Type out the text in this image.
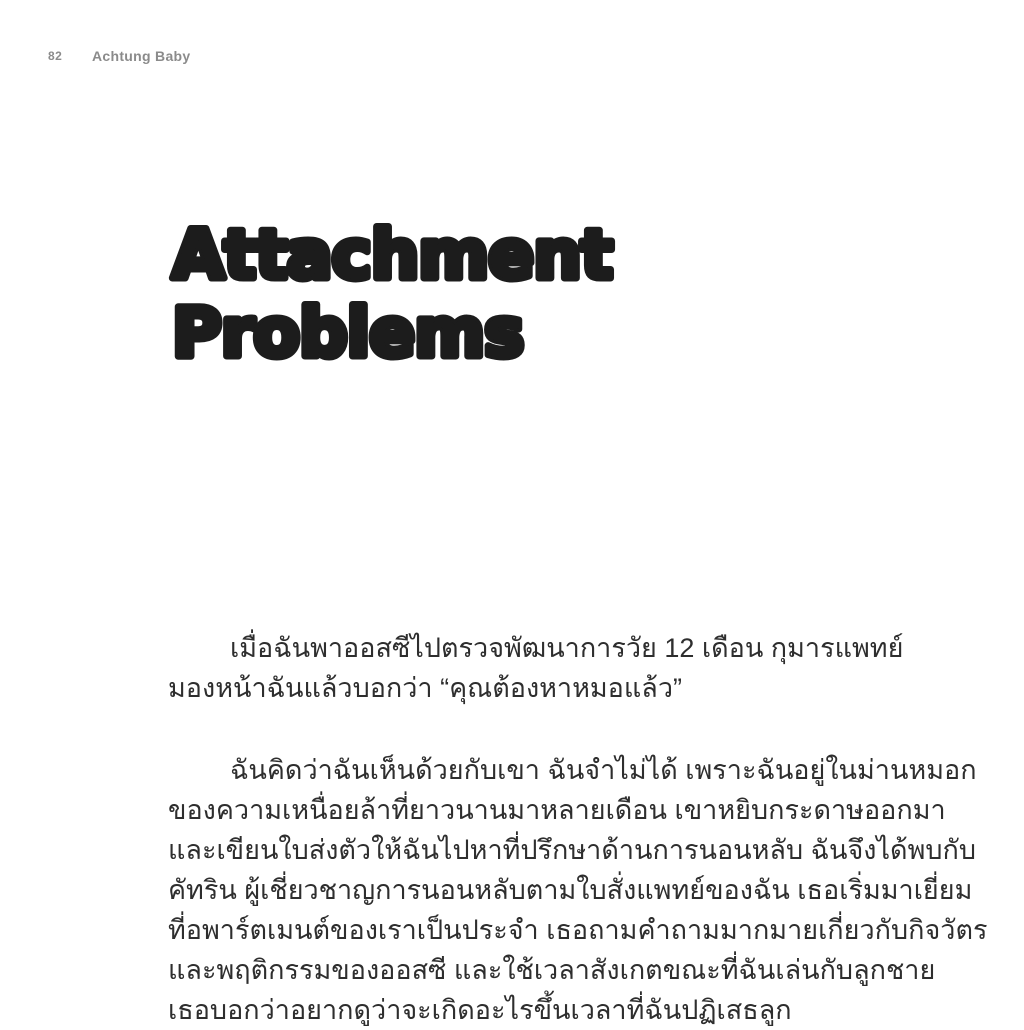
82 Achtung Baby
Attachment
Problems
เมื่อฉันพาออสซีไปตรวจพัฒนาการวัย 12 เดือน กุมารแพทย์
มองหน้าฉันแล้วบอกว่า “คุณต้องหาหมอแล้ว”
ฉันคิดว่าฉันเห็นด้วยกับเขา ฉันจำไม่ได้ เพราะฉันอยู่ในม่านหมอก
ของความเหนื่อยล้าที่ยาวนานมาหลายเดือน เขาหยิบกระดาษออกมา
และเขียนใบส่งตัวให้ฉันไปหาที่ปรึกษาด้านการนอนหลับ ฉันจึงได้พบกับ
คัทริน ผู้เชี่ยวชาญการนอนหลับตามใบสั่งแพทย์ของฉัน เธอเริ่มมาเยี่ยม
ที่อพาร์ตเมนต์ของเราเป็นประจำ เธอถามคำถามมากมายเกี่ยวกับกิจวัตร
และพฤติกรรมของออสซี และใช้เวลาสังเกตขณะที่ฉันเล่นกับลูกชาย
เธอบอกว่าอยากดูว่าจะเกิดอะไรขึ้นเวลาที่ฉันปฏิเสธลูก
